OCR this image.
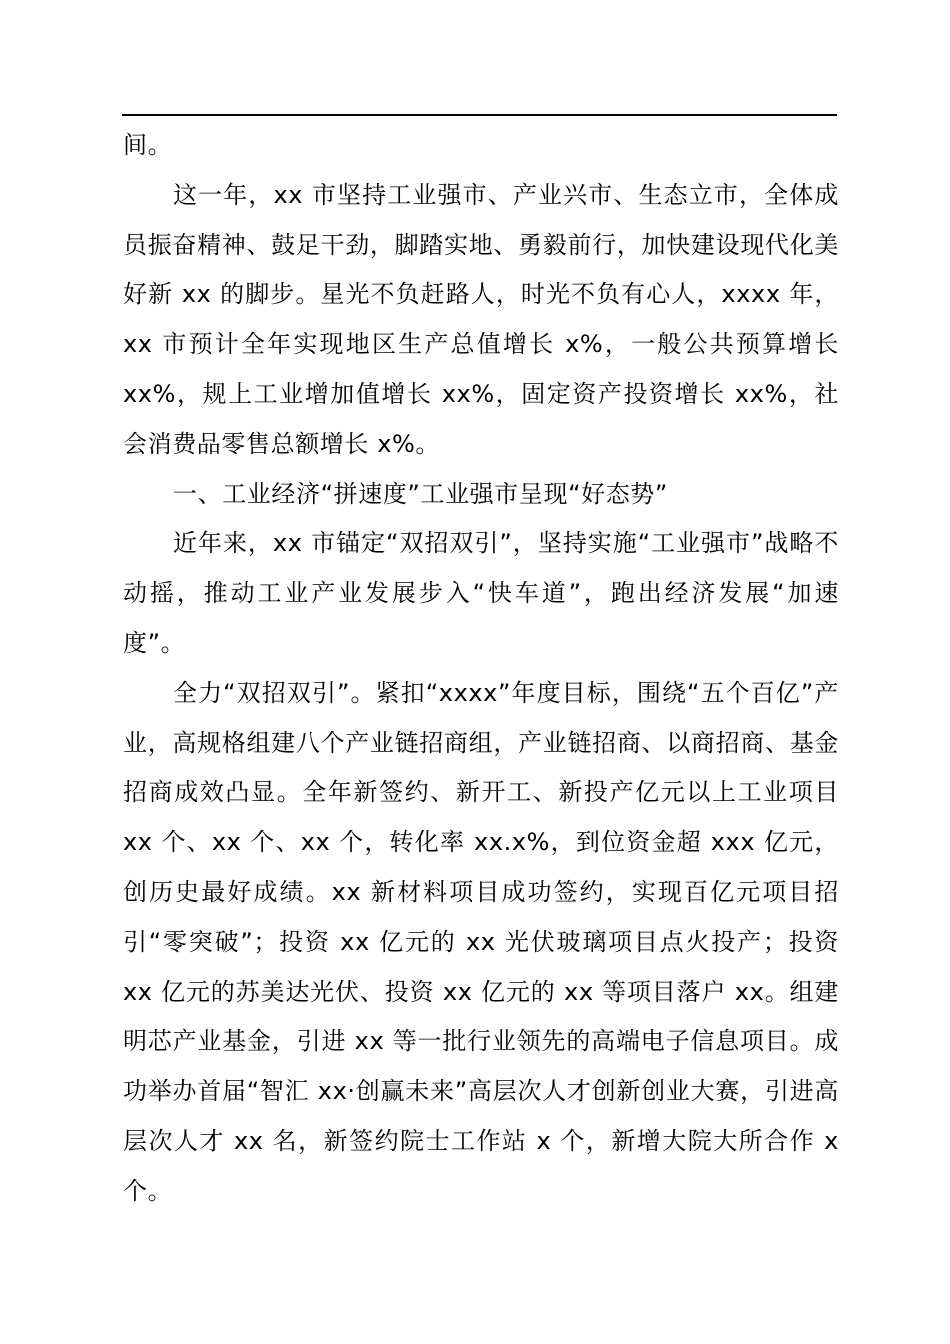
间。

这一年，xx 市坚持工业强市、产业兴市、生态立市，全体成员振奋精神、鼓足干劲，脚踏实地、勇毅前行，加快建设现代化美好新 xx 的脚步。星光不负赶路人，时光不负有心人，xxxx 年，xx 市预计全年实现地区生产总值增长 x%，一般公共预算增长 xx%，规上工业增加值增长 xx%，固定资产投资增长 xx%，社会消费品零售总额增长 x%。

一、工业经济“拼速度”工业强市呈现“好态势”

近年来，xx 市锚定“双招双引”，坚持实施“工业强市”战略不动摇，推动工业产业发展步入“快车道”，跑出经济发展“加速度”。

全力“双招双引”。紧扣“xxxx”年度目标，围绕“五个百亿”产业，高规格组建八个产业链招商组，产业链招商、以商招商、基金招商成效凸显。全年新签约、新开工、新投产亿元以上工业项目 xx 个、xx 个、xx 个，转化率 xx.x%，到位资金超 xxx 亿元，创历史最好成绩。xx 新材料项目成功签约，实现百亿元项目招引“零突破”；投资 xx 亿元的 xx 光伏玻璃项目点火投产；投资 xx 亿元的苏美达光伏、投资 xx 亿元的 xx 等项目落户 xx。组建明芯产业基金，引进 xx 等一批行业领先的高端电子信息项目。成功举办首届“智汇 xx·创赢未来”高层次人才创新创业大赛，引进高层次人才 xx 名，新签约院士工作站 x 个，新增大院大所合作 x 个。
